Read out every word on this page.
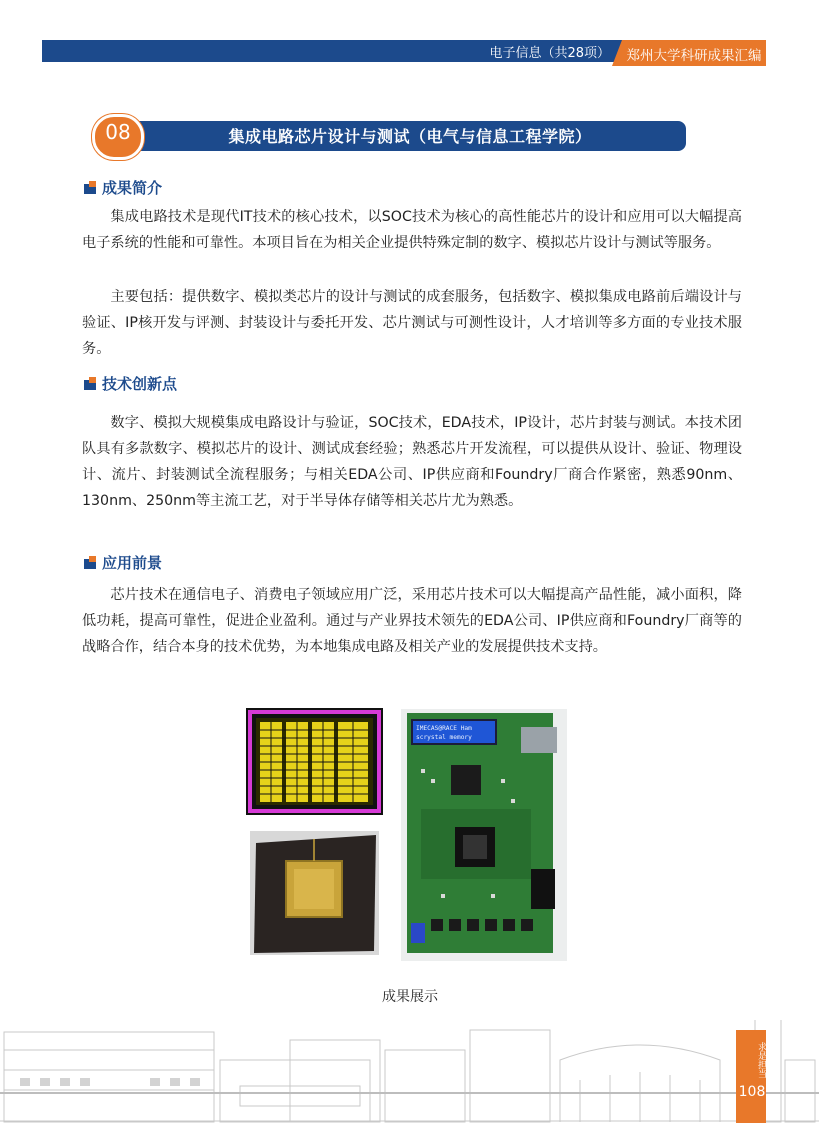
电子信息（共28项）	郑州大学科研成果汇编
08	集成电路芯片设计与测试（电气与信息工程学院）
成果简介

集成电路技术是现代IT技术的核心技术，以SOC技术为核心的高性能芯片的设计和应用可以大幅提高电子系统的性能和可靠性。本项目旨在为相关企业提供特殊定制的数字、模拟芯片设计与测试等服务。

主要包括：提供数字、模拟类芯片的设计与测试的成套服务，包括数字、模拟集成电路前后端设计与验证、IP核开发与评测、封装设计与委托开发、芯片测试与可测性设计，人才培训等多方面的专业技术服务。

技术创新点

数字、模拟大规模集成电路设计与验证，SOC技术，EDA技术，IP设计，芯片封装与测试。本技术团队具有多款数字、模拟芯片的设计、测试成套经验；熟悉芯片开发流程，可以提供从设计、验证、物理设计、流片、封装测试全流程服务；与相关EDA公司、IP供应商和Foundry厂商合作紧密，熟悉90nm、130nm、250nm等主流工艺，对于半导体存储等相关芯片尤为熟悉。

应用前景

芯片技术在通信电子、消费电子领域应用广泛，采用芯片技术可以大幅提高产品性能，减小面积，降低功耗，提高可靠性，促进企业盈利。通过与产业界技术领先的EDA公司、IP供应商和Foundry厂商等的战略合作，结合本身的技术优势，为本地集成电路及相关产业的发展提供技术支持。

IMECAS@RACE Ham
scrystal memory
成果展示
求是担当
108
